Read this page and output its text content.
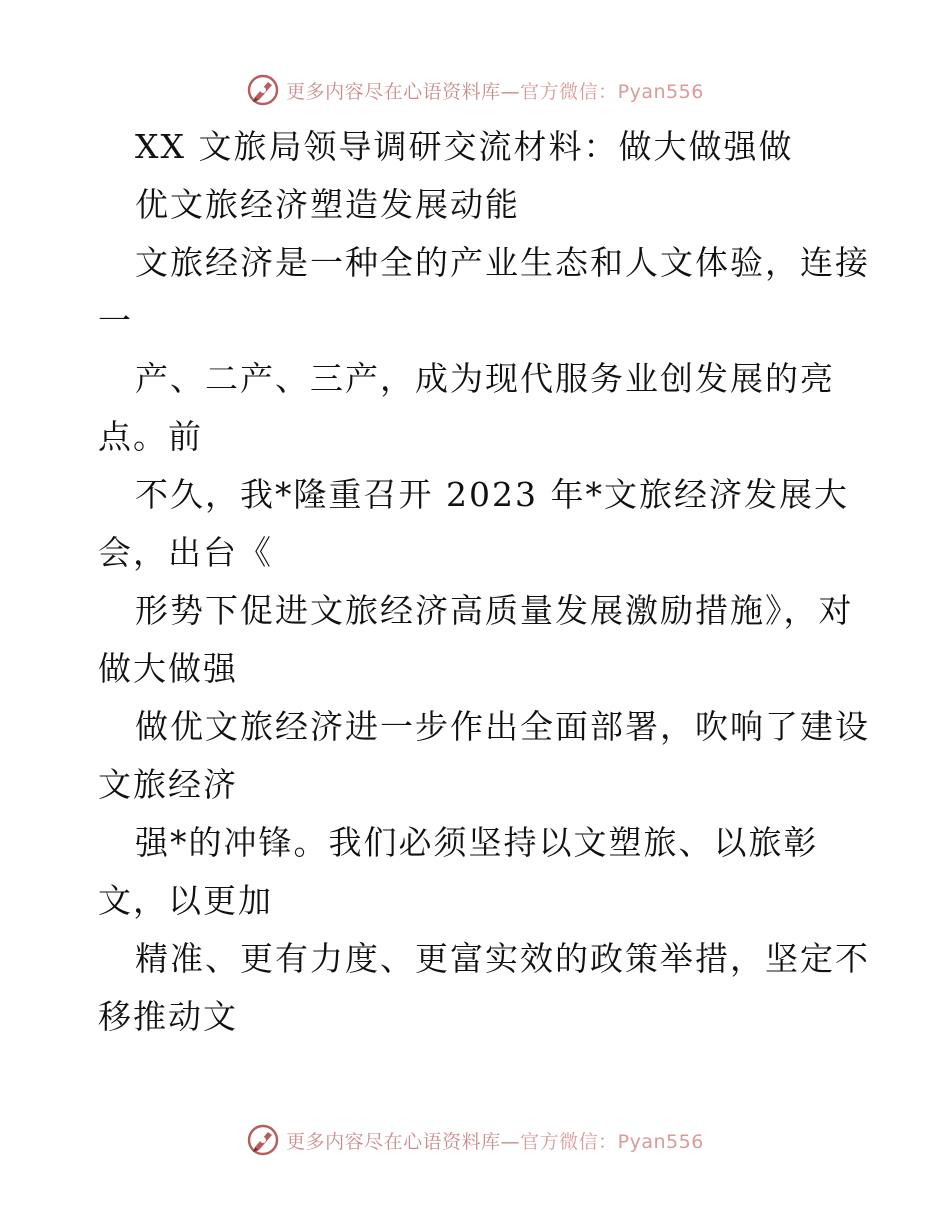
更多内容尽在心语资料库—官方微信：Pyan556
XX 文旅局领导调研交流材料：做大做强做
优文旅经济塑造发展动能
文旅经济是一种全的产业生态和人文体验，连接
一
产、二产、三产，成为现代服务业创发展的亮
点。前
不久，我*隆重召开 2023 年*文旅经济发展大
会，出台《
形势下促进文旅经济高质量发展激励措施》，对
做大做强
做优文旅经济进一步作出全面部署，吹响了建设
文旅经济
强*的冲锋。我们必须坚持以文塑旅、以旅彰
文，以更加
精准、更有力度、更富实效的政策举措，坚定不
移推动文
更多内容尽在心语资料库—官方微信：Pyan556
